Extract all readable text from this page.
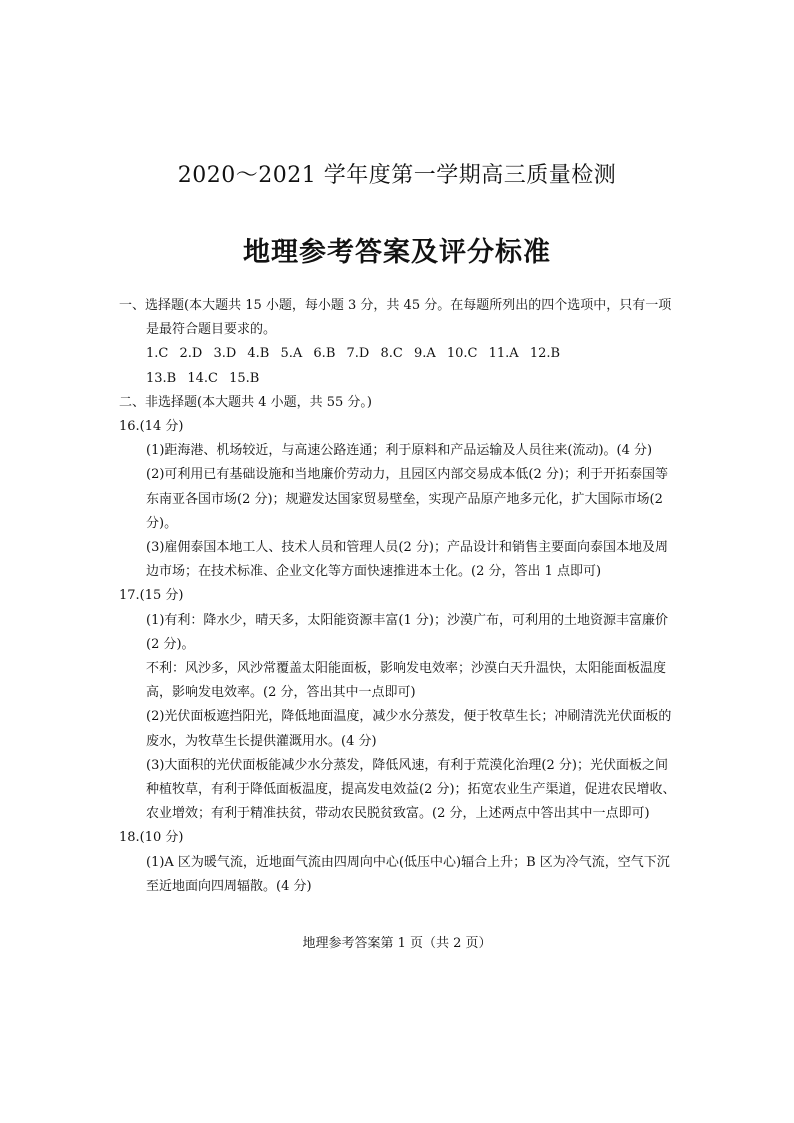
2020～2021 学年度第一学期高三质量检测
地理参考答案及评分标准
一、选择题(本大题共 15 小题，每小题 3 分，共 45 分。在每题所列出的四个选项中，只有一项是最符合题目要求的。
1.C 2.D 3.D 4.B 5.A 6.B 7.D 8.C 9.A 10.C 11.A 12.B
13.B 14.C 15.B
二、非选择题(本大题共 4 小题，共 55 分。)
16.(14 分)
(1)距海港、机场较近，与高速公路连通；利于原料和产品运输及人员往来(流动)。(4 分)
(2)可利用已有基础设施和当地廉价劳动力，且园区内部交易成本低(2 分)；利于开拓泰国等东南亚各国市场(2 分)；规避发达国家贸易壁垒，实现产品原产地多元化，扩大国际市场(2 分)。
(3)雇佣泰国本地工人、技术人员和管理人员(2 分)；产品设计和销售主要面向泰国本地及周边市场；在技术标准、企业文化等方面快速推进本土化。(2 分，答出 1 点即可)
17.(15 分)
(1)有利：降水少，晴天多，太阳能资源丰富(1 分)；沙漠广布，可利用的土地资源丰富廉价(2 分)。
不利：风沙多，风沙常覆盖太阳能面板，影响发电效率；沙漠白天升温快，太阳能面板温度高，影响发电效率。(2 分，答出其中一点即可)
(2)光伏面板遮挡阳光，降低地面温度，减少水分蒸发，便于牧草生长；冲刷清洗光伏面板的废水，为牧草生长提供灌溉用水。(4 分)
(3)大面积的光伏面板能减少水分蒸发，降低风速，有利于荒漠化治理(2 分)；光伏面板之间种植牧草，有利于降低面板温度，提高发电效益(2 分)；拓宽农业生产渠道，促进农民增收、农业增效；有利于精准扶贫，带动农民脱贫致富。(2 分，上述两点中答出其中一点即可)
18.(10 分)
(1)A 区为暖气流，近地面气流由四周向中心(低压中心)辐合上升；B 区为冷气流，空气下沉至近地面向四周辐散。(4 分)
地理参考答案第 1 页（共 2 页）
